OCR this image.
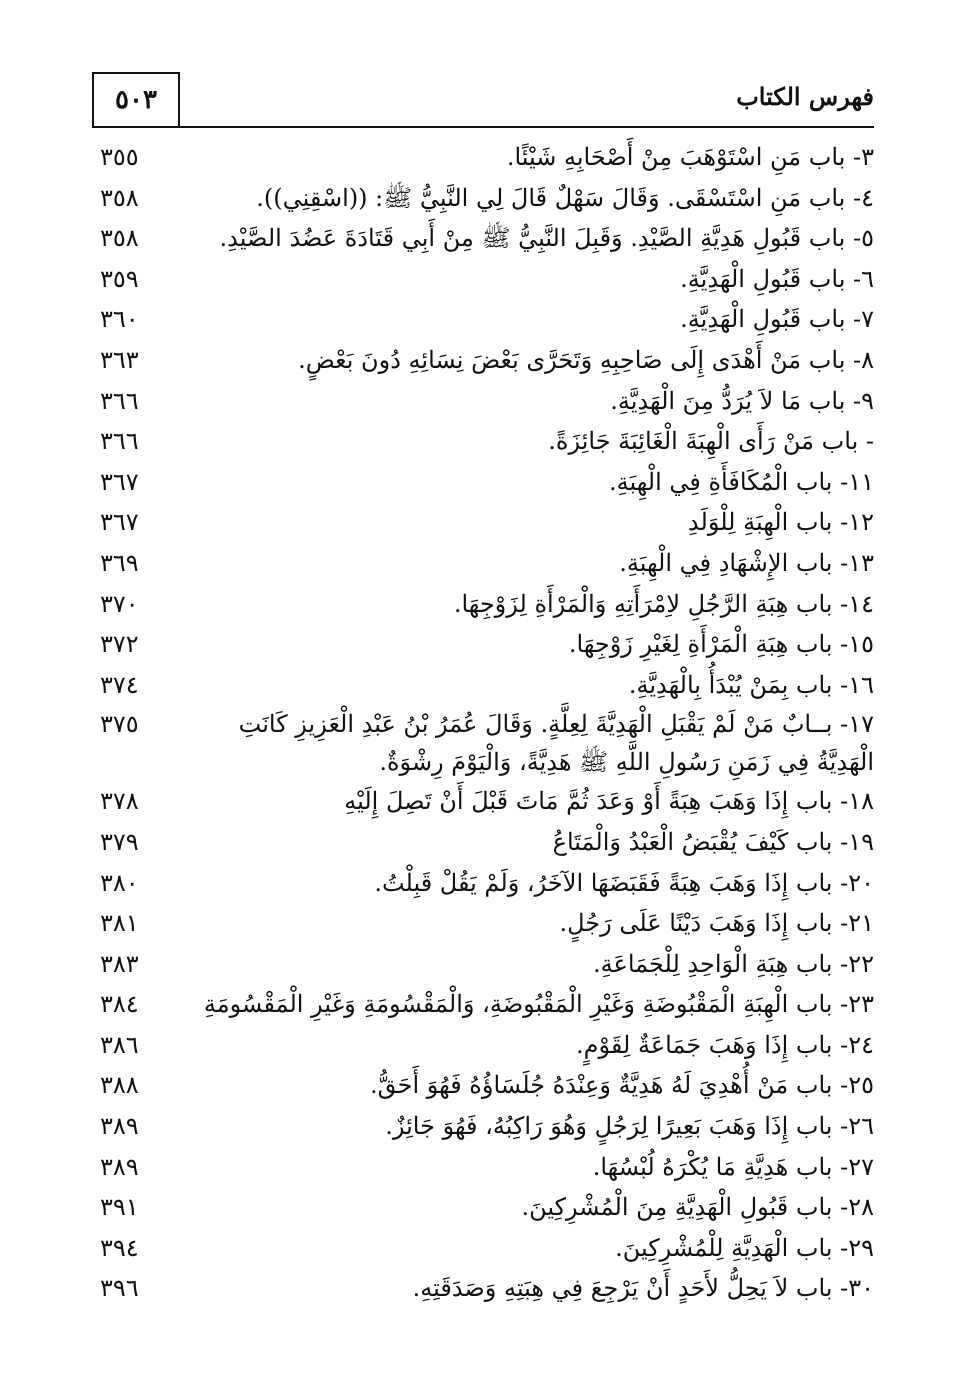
٥٠٣	فهرس الكتاب
٣- باب مَنِ اسْتَوْهَبَ مِنْ أَصْحَابِهِ شَيْئًا.
٣٥٥
٤- باب مَنِ اسْتَسْقَى. وَقَالَ سَهْلٌ قَالَ لِي النَّبِيُّ ﷺ: ((اسْقِنِي)).
٣٥٨
٥- باب قَبُولِ هَدِيَّةِ الصَّيْدِ. وَقَبِلَ النَّبِيُّ ﷺ مِنْ أَبِي قَتَادَةَ عَضُدَ الصَّيْدِ.
٣٥٨
٦- باب قَبُولِ الْهَدِيَّةِ.
٣٥٩
٧- باب قَبُولِ الْهَدِيَّةِ.
٣٦٠
٨- باب مَنْ أَهْدَى إِلَى صَاحِبِهِ وَتَحَرَّى بَعْضَ نِسَائِهِ دُونَ بَعْضٍ.
٣٦٣
٩- باب مَا لاَ يُرَدُّ مِنَ الْهَدِيَّةِ.
٣٦٦
- باب مَنْ رَأَى الْهِبَةَ الْغَائِبَةَ جَائِزَةً.
٣٦٦
١١- باب الْمُكَافَأَةِ فِي الْهِبَةِ.
٣٦٧
١٢- باب الْهِبَةِ لِلْوَلَدِ
٣٦٧
١٣- باب الإِشْهَادِ فِي الْهِبَةِ.
٣٦٩
١٤- باب هِبَةِ الرَّجُلِ لاِمْرَأَتِهِ وَالْمَرْأَةِ لِزَوْجِهَا.
٣٧٠
١٥- باب هِبَةِ الْمَرْأَةِ لِغَيْرِ زَوْجِهَا.
٣٧٢
١٦- باب بِمَنْ يُبْدَأُ بِالْهَدِيَّةِ.
٣٧٤
١٧- بــابٌ مَنْ لَمْ يَقْبَلِ الْهَدِيَّةَ لِعِلَّةٍ. وَقَالَ عُمَرُ بْنُ عَبْدِ الْعَزِيزِ كَانَتِ الْهَدِيَّةُ فِي زَمَنِ رَسُولِ اللَّهِ ﷺ هَدِيَّةً، وَالْيَوْمَ رِشْوَةٌ.
٣٧٥
١٨- باب إِذَا وَهَبَ هِبَةً أَوْ وَعَدَ ثُمَّ مَاتَ قَبْلَ أَنْ تَصِلَ إِلَيْهِ
٣٧٨
١٩- باب كَيْفَ يُقْبَضُ الْعَبْدُ وَالْمَتَاعُ
٣٧٩
٢٠- باب إِذَا وَهَبَ هِبَةً فَقَبَضَهَا الآخَرُ، وَلَمْ يَقُلْ قَبِلْتُ.
٣٨٠
٢١- باب إِذَا وَهَبَ دَيْنًا عَلَى رَجُلٍ.
٣٨١
٢٢- باب هِبَةِ الْوَاحِدِ لِلْجَمَاعَةِ.
٣٨٣
٢٣- باب الْهِبَةِ الْمَقْبُوضَةِ وَغَيْرِ الْمَقْبُوضَةِ، وَالْمَقْسُومَةِ وَغَيْرِ الْمَقْسُومَةِ
٣٨٤
٢٤- باب إِذَا وَهَبَ جَمَاعَةٌ لِقَوْمٍ.
٣٨٦
٢٥- باب مَنْ أُهْدِيَ لَهُ هَدِيَّةٌ وَعِنْدَهُ جُلَسَاؤُهُ فَهُوَ أَحَقُّ.
٣٨٨
٢٦- باب إِذَا وَهَبَ بَعِيرًا لِرَجُلٍ وَهُوَ رَاكِبُهُ، فَهُوَ جَائِزٌ.
٣٨٩
٢٧- باب هَدِيَّةِ مَا يُكْرَهُ لُبْسُهَا.
٣٨٩
٢٨- باب قَبُولِ الْهَدِيَّةِ مِنَ الْمُشْرِكِينَ.
٣٩١
٢٩- باب الْهَدِيَّةِ لِلْمُشْرِكِينَ.
٣٩٤
٣٠- باب لاَ يَحِلُّ لأَحَدٍ أَنْ يَرْجِعَ فِي هِبَتِهِ وَصَدَقَتِهِ.
٣٩٦
